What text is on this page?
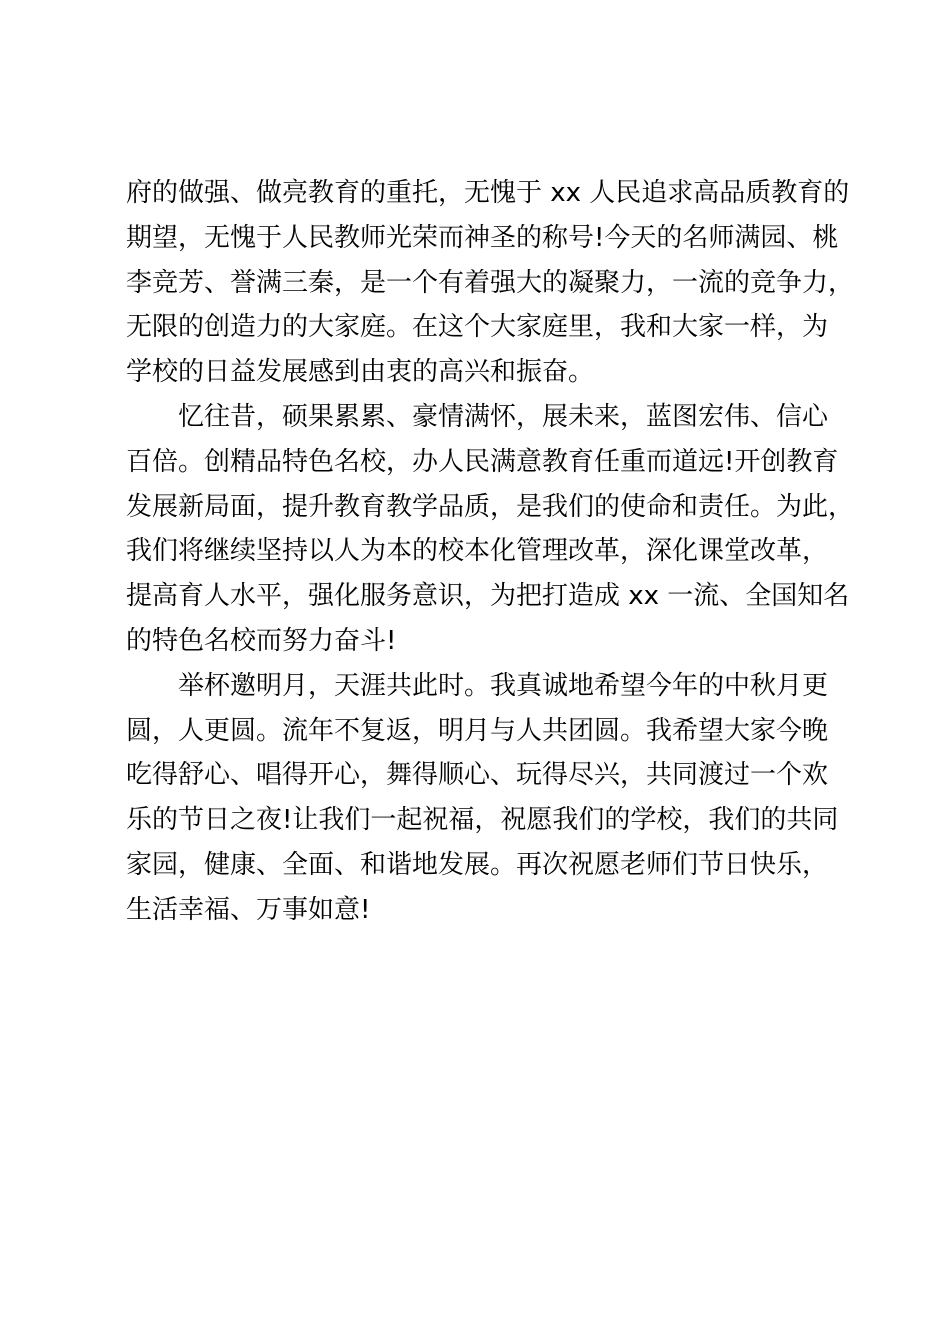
府的做强、做亮教育的重托，无愧于 xx 人民追求高品质教育的
期望，无愧于人民教师光荣而神圣的称号!今天的名师满园、桃
李竞芳、誉满三秦，是一个有着强大的凝聚力，一流的竞争力，
无限的创造力的大家庭。在这个大家庭里，我和大家一样，为
学校的日益发展感到由衷的高兴和振奋。
忆往昔，硕果累累、豪情满怀，展未来，蓝图宏伟、信心
百倍。创精品特色名校，办人民满意教育任重而道远!开创教育
发展新局面，提升教育教学品质，是我们的使命和责任。为此，
我们将继续坚持以人为本的校本化管理改革，深化课堂改革，
提高育人水平，强化服务意识，为把打造成 xx 一流、全国知名
的特色名校而努力奋斗!
举杯邀明月，天涯共此时。我真诚地希望今年的中秋月更
圆，人更圆。流年不复返，明月与人共团圆。我希望大家今晚
吃得舒心、唱得开心，舞得顺心、玩得尽兴，共同渡过一个欢
乐的节日之夜!让我们一起祝福，祝愿我们的学校，我们的共同
家园，健康、全面、和谐地发展。再次祝愿老师们节日快乐，
生活幸福、万事如意!
